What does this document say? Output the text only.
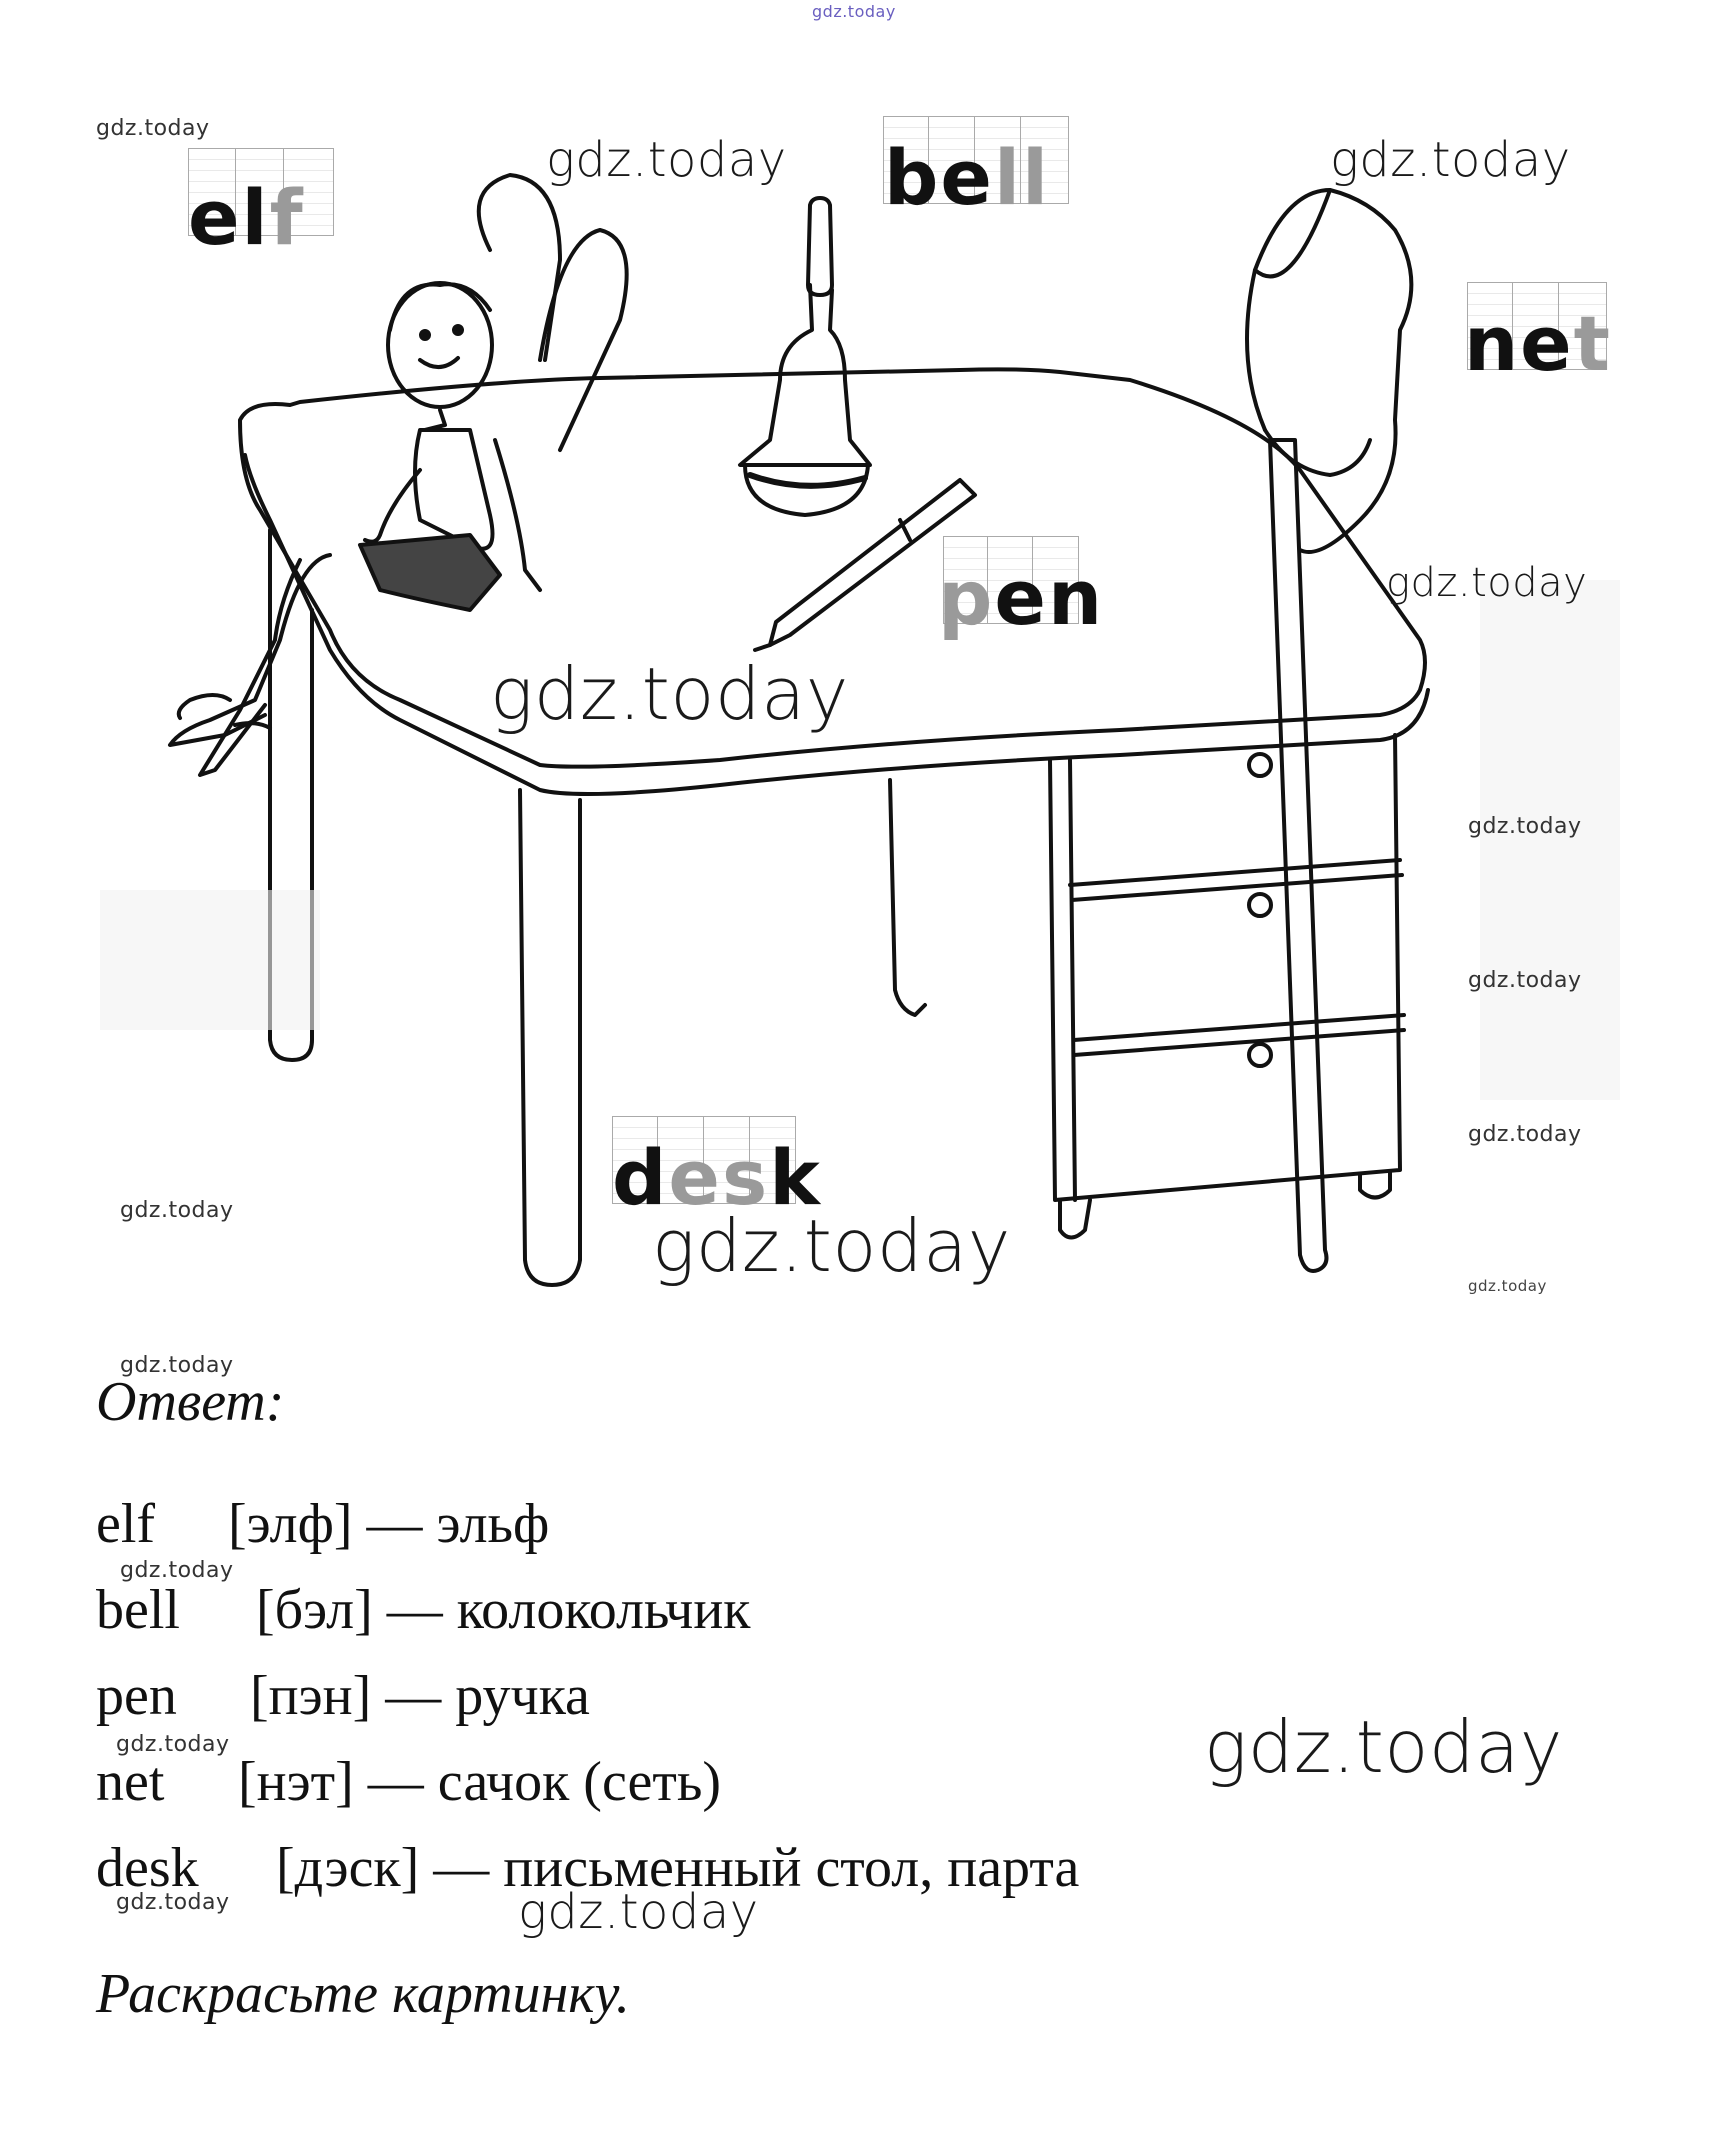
elf	bell
net
pen
desk
gdz.today
gdz.today
gdz.today	gdz.today
gdz.today
gdz.today
gdz.today
gdz.today
gdz.today
gdz.today	gdz.today	gdz.today
gdz.today
gdz.today
gdz.today	gdz.today
gdz.today	gdz.today
Ответ:
elf [элф] — эльф
bell [бэл] — колокольчик
pen [пэн] — ручка
net [нэт] — сачок (сеть)
desk [дэск] — письменный стол, парта
Раскрасьте картинку.
